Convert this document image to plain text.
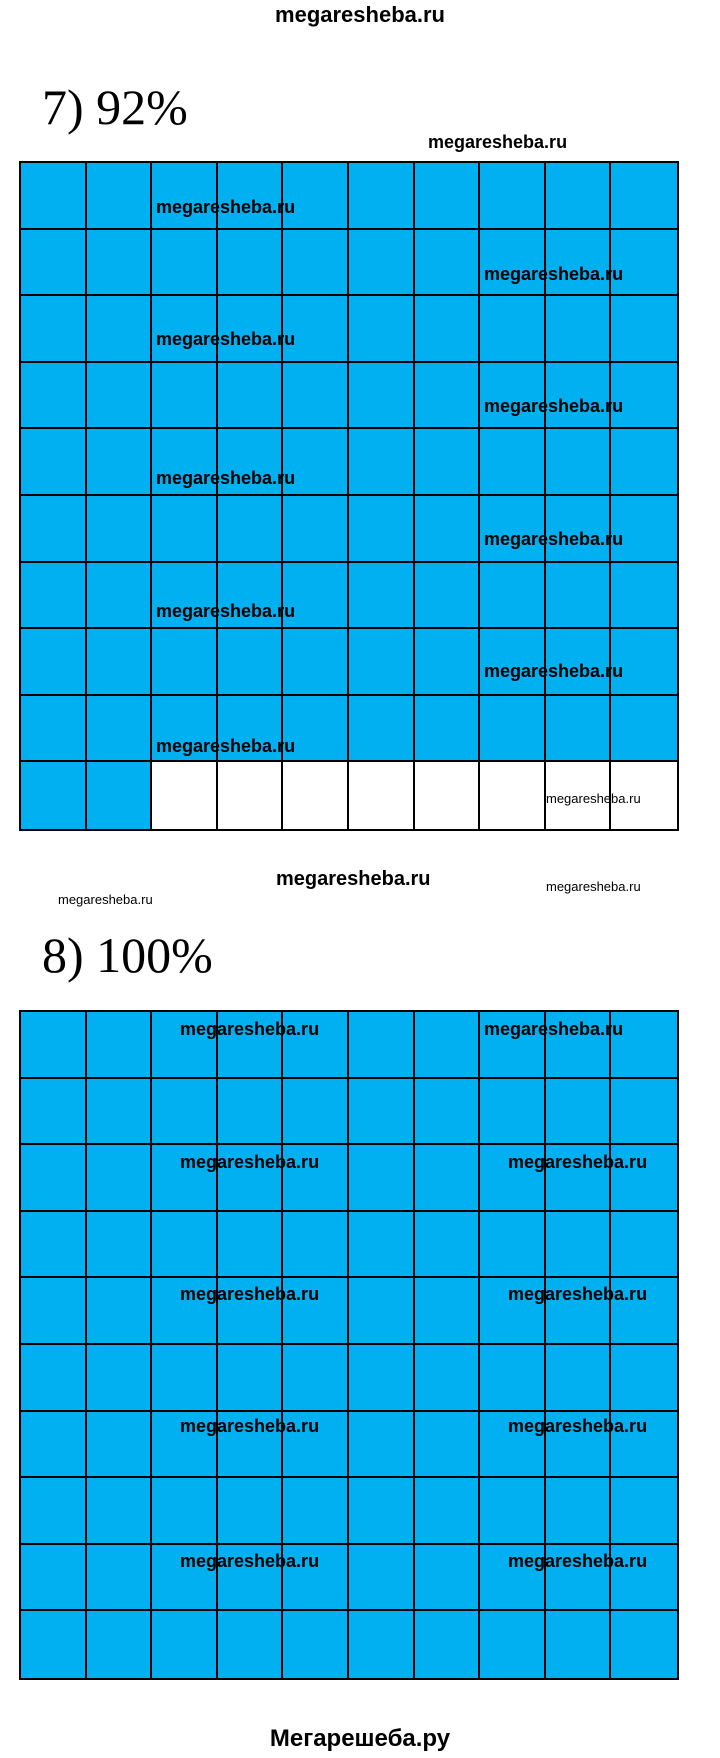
megaresheba.ru
7) 92%
8) 100%
megaresheba.ru
megaresheba.ru
megaresheba.ru
megaresheba.ru
megaresheba.ru
megaresheba.ru
megaresheba.ru
megaresheba.ru
megaresheba.ru
megaresheba.ru
megaresheba.ru
megaresheba.ru
megaresheba.ru
megaresheba.ru
megaresheba.ru	megaresheba.ru
megaresheba.ru	megaresheba.ru
megaresheba.ru	megaresheba.ru
megaresheba.ru	megaresheba.ru
megaresheba.ru	megaresheba.ru
Мегарешеба.ру
